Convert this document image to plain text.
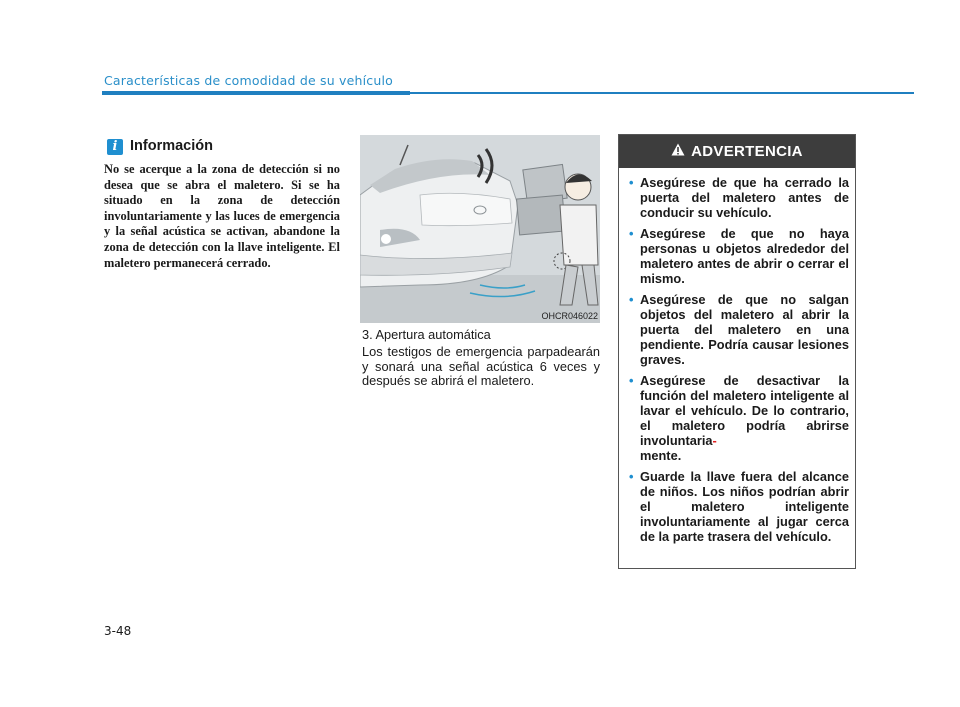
Características de comodidad de su vehículo
i Información
No se acerque a la zona de detección si no desea que se abra el maletero. Si se ha situado en la zona de detección involuntariamente y las luces de emergencia y la señal acústica se activan, abandone la zona de detección con la llave inteligente. El maletero permanecerá cerrado.
OHCR046022
3. Apertura automática
Los testigos de emergencia parpadearán y sonará una señal acústica 6 veces y después se abrirá el maletero.
ADVERTENCIA
• Asegúrese de que ha cerrado la puerta del maletero antes de conducir su vehículo.
• Asegúrese de que no haya personas u objetos alrededor del maletero antes de abrir o cerrar el mismo.
• Asegúrese de que no salgan objetos del maletero al abrir la puerta del maletero en una pendiente. Podría causar lesiones graves.
• Asegúrese de desactivar la función del maletero inteligente al lavar el vehículo. De lo contrario, el maletero podría abrirse involuntaria-
mente.
• Guarde la llave fuera del alcance de niños. Los niños podrían abrir el maletero inteligente involuntariamente al jugar cerca de la parte trasera del vehículo.
3-48
